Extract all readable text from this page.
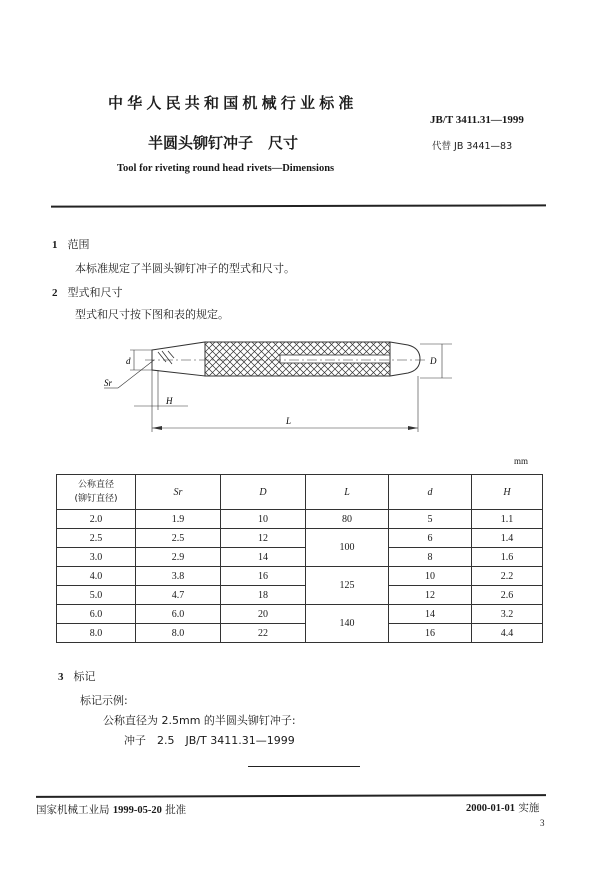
中华人民共和国机械行业标准
JB/T 3411.31—1999
半圆头铆钉冲子　尺寸	代替 JB 3441—83
Tool for riveting round head rivets—Dimensions
1 范围
本标准规定了半圆头铆钉冲子的型式和尺寸。
2 型式和尺寸
型式和尺寸按下图和表的规定。
d	D
Sr
H
L
mm
公称直径
(铆钉直径)	Sr	D	L	d	H
2.0	1.9	10	80	5	1.1
2.5	2.5	12	100	6	1.4
3.0	2.9	14		8	1.6
4.0	3.8	16	125	10	2.2
5.0	4.7	18		12	2.6
6.0	6.0	20	140	14	3.2
8.0	8.0	22		16	4.4
3 标记
标记示例:
公称直径为 2.5mm 的半圆头铆钉冲子:
冲子　2.5　JB/T 3411.31—1999
国家机械工业局 1999-05-20 批准	2000-01-01 实施
3
